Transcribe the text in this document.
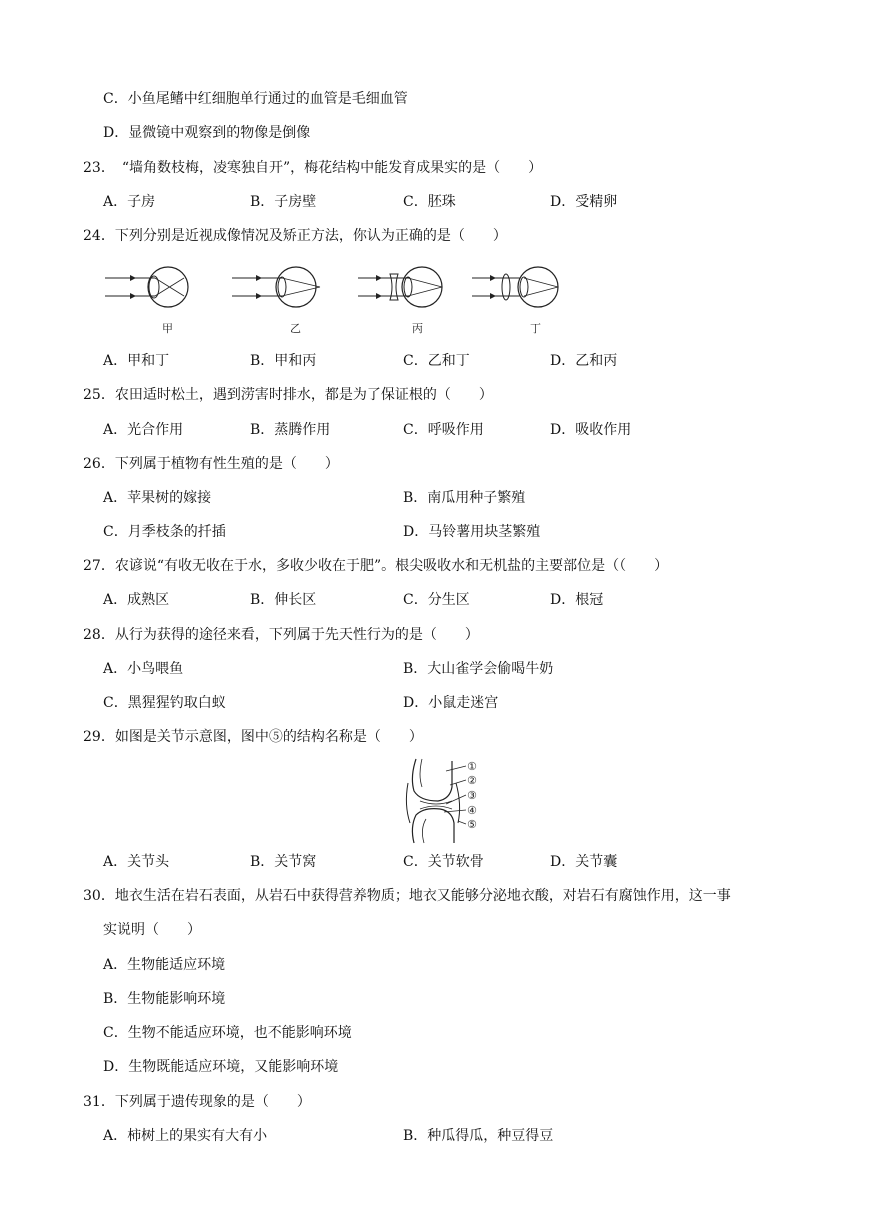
C．小鱼尾鳍中红细胞单行通过的血管是毛细血管
D．显微镜中观察到的物像是倒像
23．　“墙角数枝梅，凌寒独自开”，梅花结构中能发育成果实的是（　　）
A．子房	B．子房壁	C．胚珠	D．受精卵
24．下列分别是近视成像情况及矫正方法，你认为正确的是（　　）
甲	乙	丙	丁
A．甲和丁	B．甲和丙	C．乙和丁	D．乙和丙
25．农田适时松土，遇到涝害时排水，都是为了保证根的（　　）
A．光合作用	B．蒸腾作用	C．呼吸作用	D．吸收作用
26．下列属于植物有性生殖的是（　　）
A．苹果树的嫁接	B．南瓜用种子繁殖
C．月季枝条的扦插	D．马铃薯用块茎繁殖
27．农谚说“有收无收在于水，多收少收在于肥”。根尖吸收水和无机盐的主要部位是（（　　）
A．成熟区	B．伸长区	C．分生区	D．根冠
28．从行为获得的途径来看，下列属于先天性行为的是（　　）
A．小鸟喂鱼	B．大山雀学会偷喝牛奶
C．黑猩猩钓取白蚁	D．小鼠走迷宫
29．如图是关节示意图，图中⑤的结构名称是（　　）
①
②
③
④
⑤
A．关节头	B．关节窝	C．关节软骨	D．关节囊
30．地衣生活在岩石表面，从岩石中获得营养物质；地衣又能够分泌地衣酸，对岩石有腐蚀作用，这一事
实说明（　　）
A．生物能适应环境
B．生物能影响环境
C．生物不能适应环境，也不能影响环境
D．生物既能适应环境，又能影响环境
31．下列属于遗传现象的是（　　）
A．柿树上的果实有大有小	B．种瓜得瓜，种豆得豆
